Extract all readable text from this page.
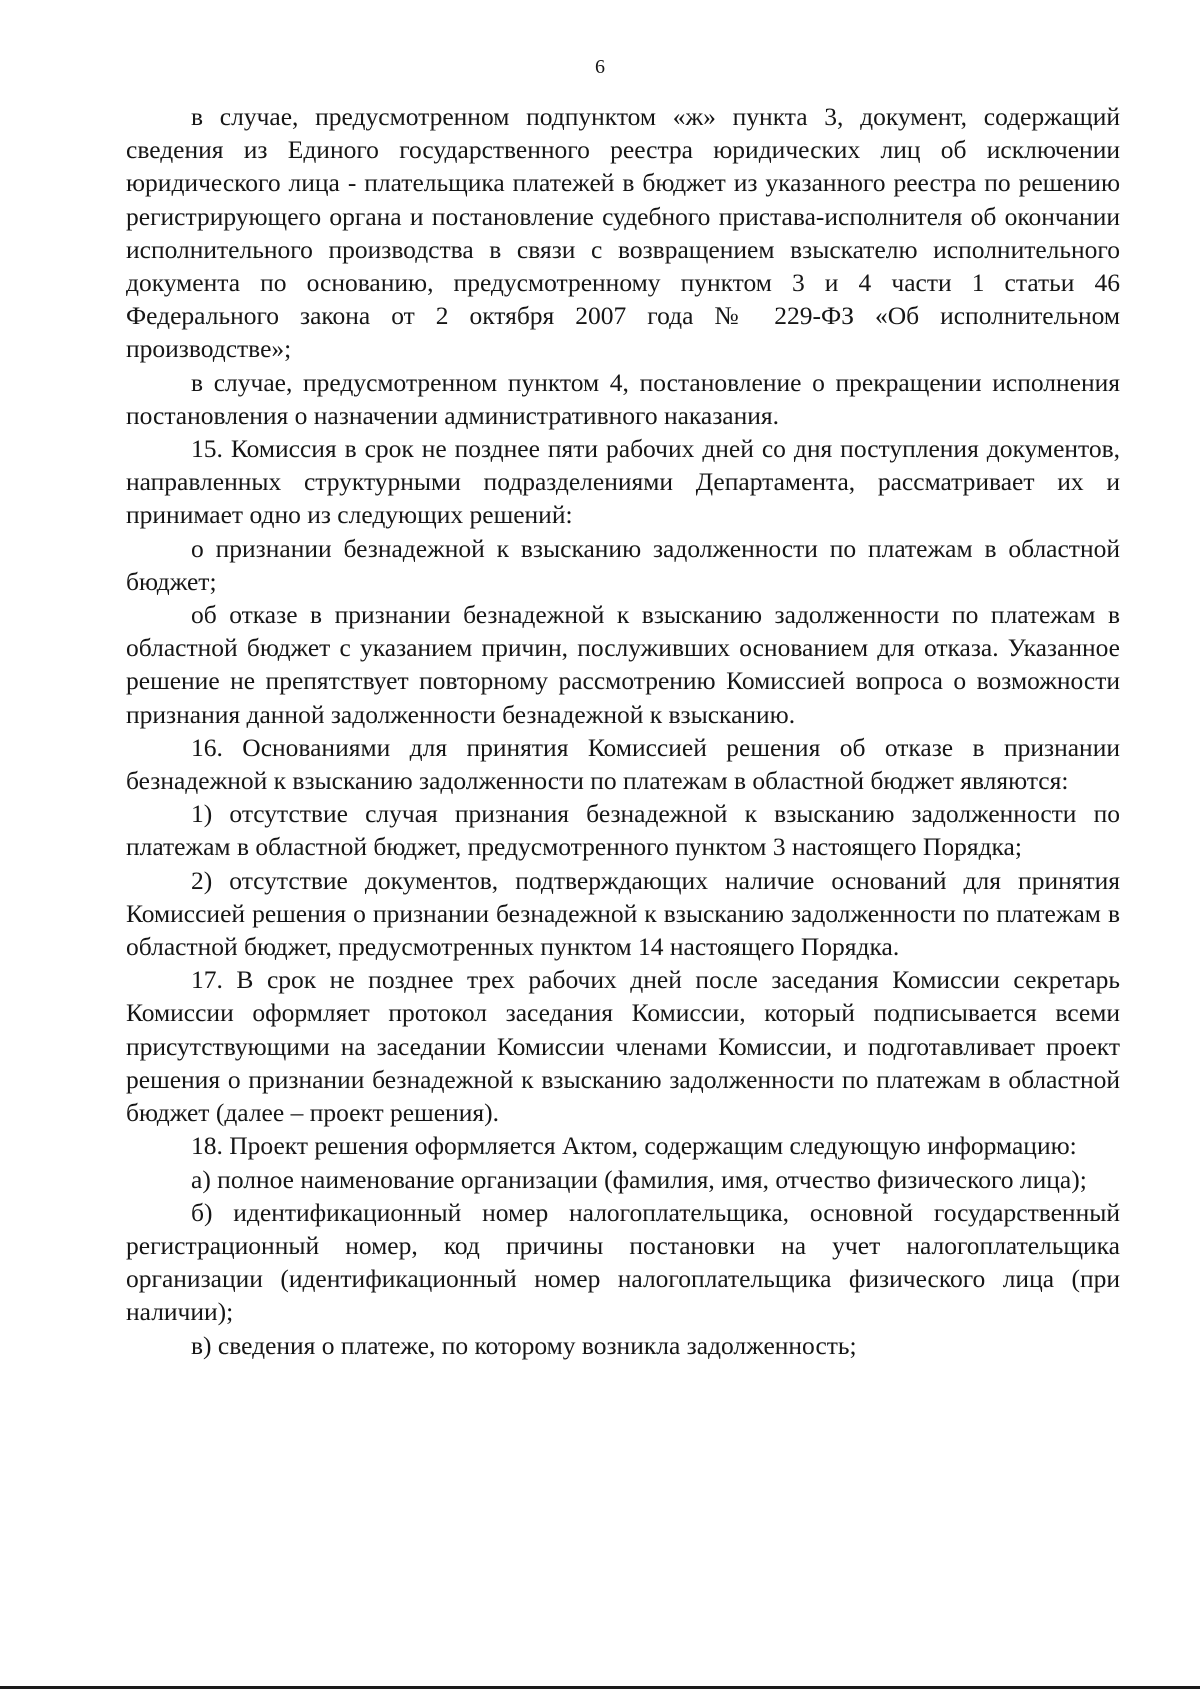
6

в случае, предусмотренном подпунктом «ж» пункта 3, документ, содержащий сведения из Единого государственного реестра юридических лиц об исключении юридического лица - плательщика платежей в бюджет из указанного реестра по решению регистрирующего органа и постановление судебного пристава-исполнителя об окончании исполнительного производства в связи с возвращением взыскателю исполнительного документа по основанию, предусмотренному пунктом 3 и 4 части 1 статьи 46 Федерального закона от 2 октября 2007 года № 229-ФЗ «Об исполнительном производстве»;

в случае, предусмотренном пунктом 4, постановление о прекращении исполнения постановления о назначении административного наказания.

15. Комиссия в срок не позднее пяти рабочих дней со дня поступления документов, направленных структурными подразделениями Департамента, рассматривает их и принимает одно из следующих решений:

о признании безнадежной к взысканию задолженности по платежам в областной бюджет;

об отказе в признании безнадежной к взысканию задолженности по платежам в областной бюджет с указанием причин, послуживших основанием для отказа. Указанное решение не препятствует повторному рассмотрению Комиссией вопроса о возможности признания данной задолженности безнадежной к взысканию.

16. Основаниями для принятия Комиссией решения об отказе в признании безнадежной к взысканию задолженности по платежам в областной бюджет являются:

1) отсутствие случая признания безнадежной к взысканию задолженности по платежам в областной бюджет, предусмотренного пунктом 3 настоящего Порядка;

2) отсутствие документов, подтверждающих наличие оснований для принятия Комиссией решения о признании безнадежной к взысканию задолженности по платежам в областной бюджет, предусмотренных пунктом 14 настоящего Порядка.

17. В срок не позднее трех рабочих дней после заседания Комиссии секретарь Комиссии оформляет протокол заседания Комиссии, который подписывается всеми присутствующими на заседании Комиссии членами Комиссии, и подготавливает проект решения о признании безнадежной к взысканию задолженности по платежам в областной бюджет (далее – проект решения).

18. Проект решения оформляется Актом, содержащим следующую информацию:

а) полное наименование организации (фамилия, имя, отчество физического лица);

б) идентификационный номер налогоплательщика, основной государственный регистрационный номер, код причины постановки на учет налогоплательщика организации (идентификационный номер налогоплательщика физического лица (при наличии);

в) сведения о платеже, по которому возникла задолженность;
